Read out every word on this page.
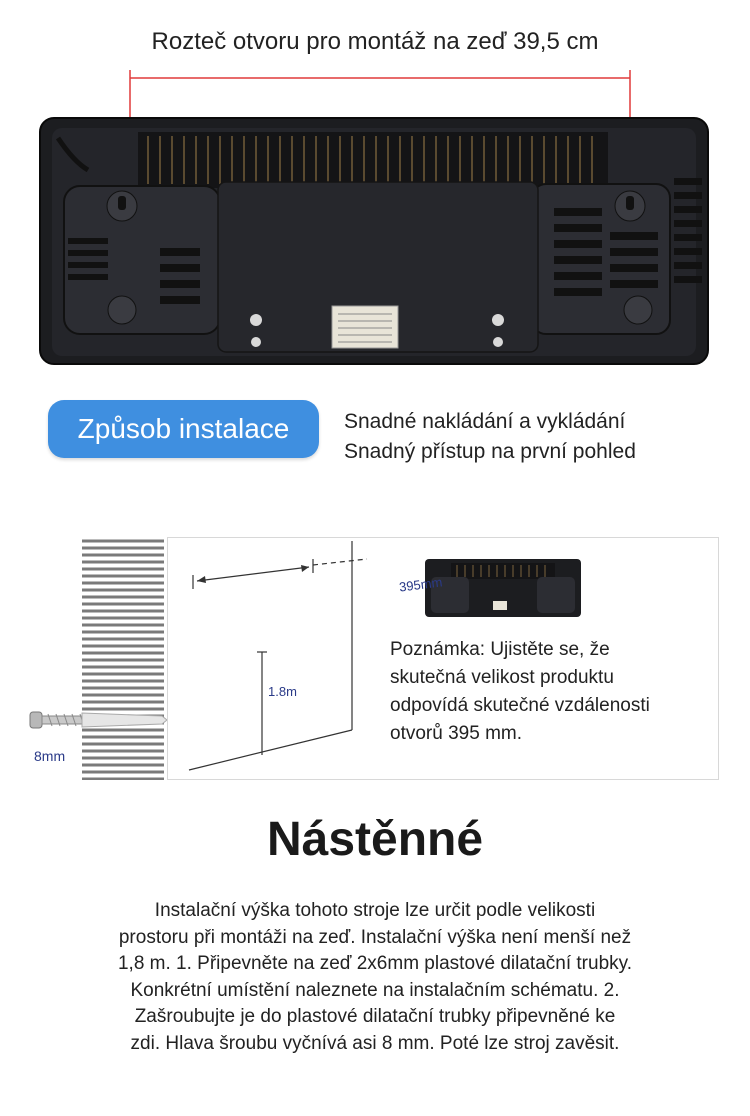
Rozteč otvoru pro montáž na zeď 39,5 cm
Způsob instalace	Snadné nakládání a vykládání
Snadný přístup na první pohled
8mm
395mm
1.8m
Poznámka: Ujistěte se, že
skutečná velikost produktu
odpovídá skutečné vzdálenosti
otvorů 395 mm.
Nástěnné
Instalační výška tohoto stroje lze určit podle velikosti
prostoru při montáži na zeď. Instalační výška není menší než
1,8 m. 1. Připevněte na zeď 2x6mm plastové dilatační trubky.
Konkrétní umístění naleznete na instalačním schématu. 2.
Zašroubujte je do plastové dilatační trubky připevněné ke
zdi. Hlava šroubu vyčnívá asi 8 mm. Poté lze stroj zavěsit.
